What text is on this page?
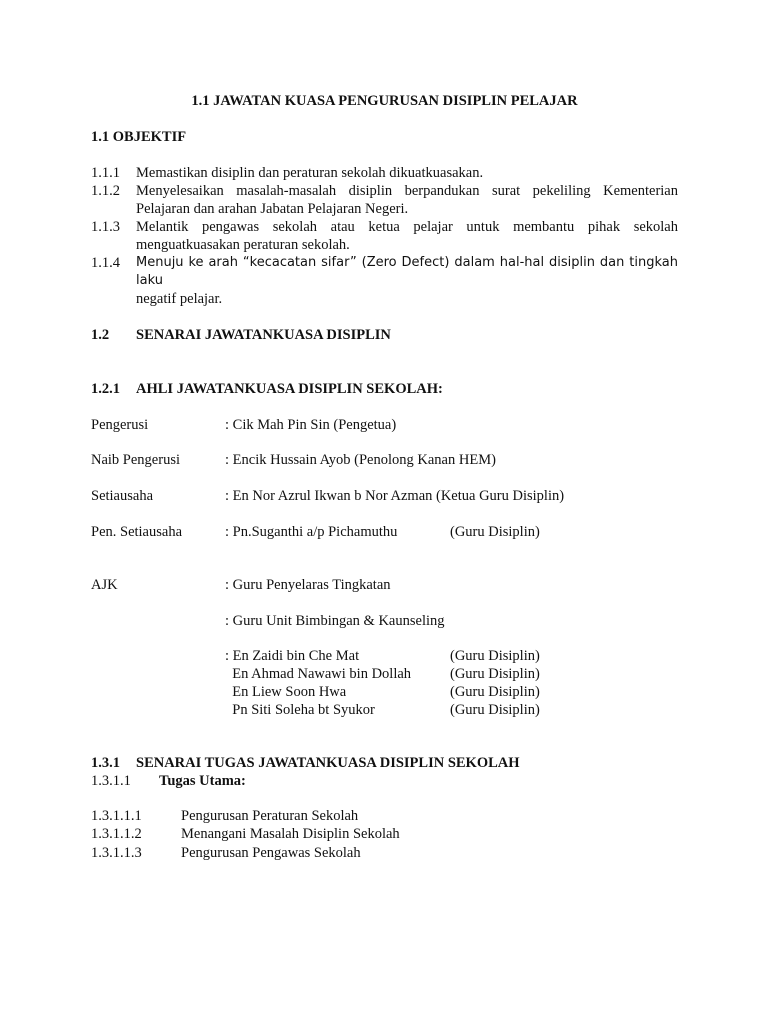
1.1 JAWATAN KUASA PENGURUSAN DISIPLIN PELAJAR
1.1 OBJEKTIF
1.1.1 Memastikan disiplin dan peraturan sekolah dikuatkuasakan.
1.1.2 Menyelesaikan masalah-masalah disiplin berpandukan surat pekeliling Kementerian
Pelajaran dan arahan Jabatan Pelajaran Negeri.
1.1.3 Melantik pengawas sekolah atau ketua pelajar untuk membantu pihak sekolah
menguatkuasakan peraturan sekolah.
1.1.4 Menuju ke arah “kecacatan sifar” (Zero Defect) dalam hal-hal disiplin dan tingkah laku
negatif pelajar.
1.2 SENARAI JAWATANKUASA DISIPLIN
1.2.1 AHLI JAWATANKUASA DISIPLIN SEKOLAH:
Pengerusi	: Cik Mah Pin Sin (Pengetua)
Naib Pengerusi	: Encik Hussain Ayob (Penolong Kanan HEM)
Setiausaha	: En Nor Azrul Ikwan b Nor Azman (Ketua Guru Disiplin)
Pen. Setiausaha	: Pn.Suganthi a/p Pichamuthu	(Guru Disiplin)
AJK	: Guru Penyelaras Tingkatan
: Guru Unit Bimbingan & Kaunseling
: En Zaidi bin Che Mat	(Guru Disiplin)
En Ahmad Nawawi bin Dollah	(Guru Disiplin)
En Liew Soon Hwa	(Guru Disiplin)
Pn Siti Soleha bt Syukor	(Guru Disiplin)
1.3.1 SENARAI TUGAS JAWATANKUASA DISIPLIN SEKOLAH
1.3.1.1 Tugas Utama:
1.3.1.1.1	Pengurusan Peraturan Sekolah
1.3.1.1.2	Menangani Masalah Disiplin Sekolah
1.3.1.1.3	Pengurusan Pengawas Sekolah
